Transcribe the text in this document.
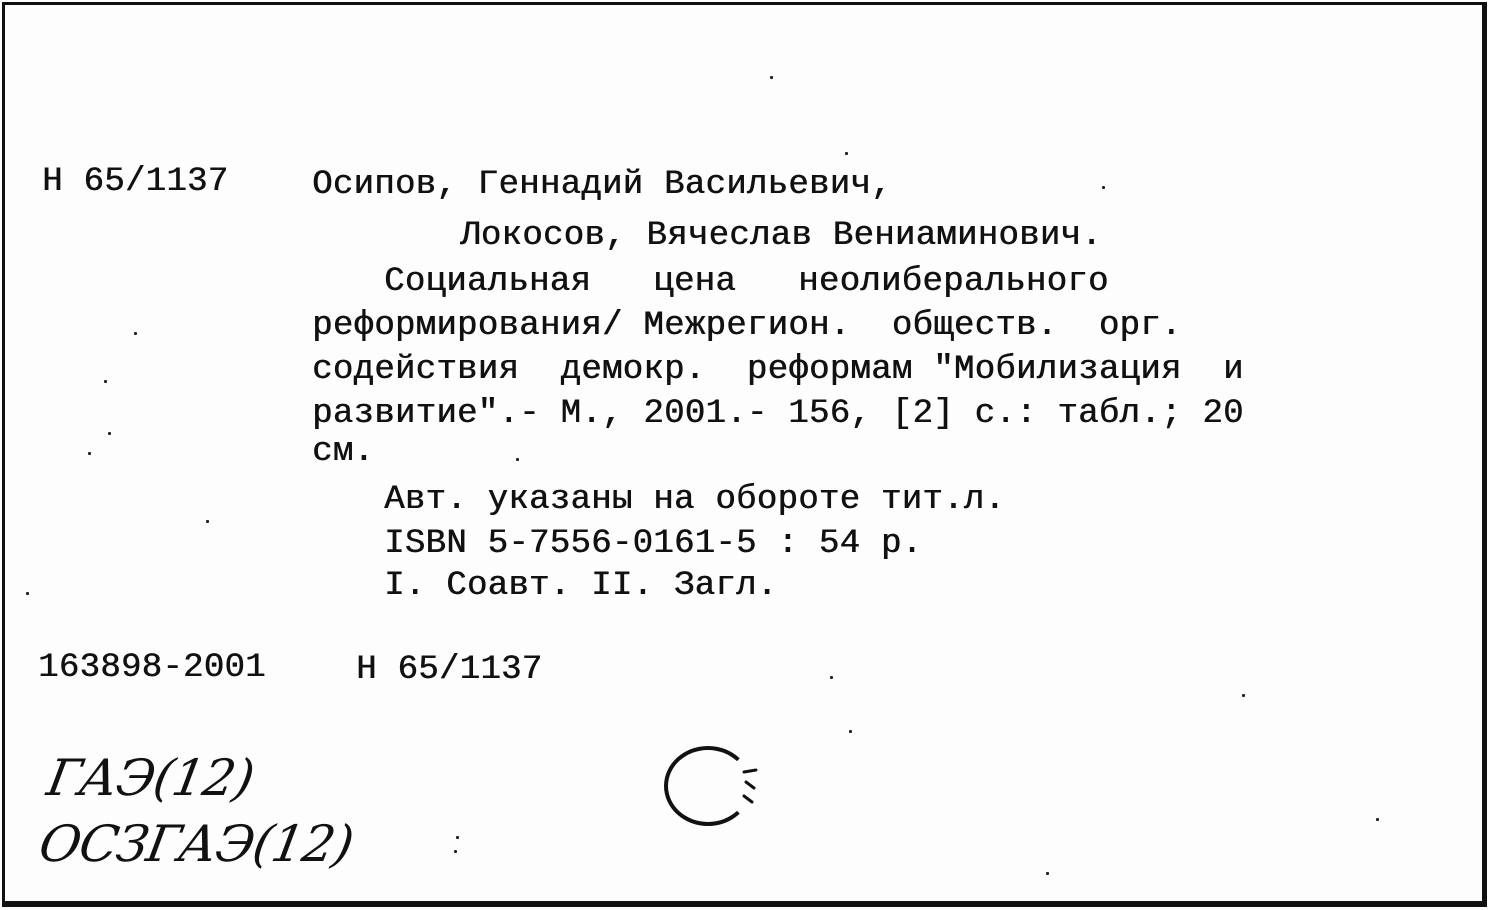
Н 65/1137 Осипов, Геннадий Васильевич,
Локосов, Вячеслав Вениаминович.
Социальная   цена   неолиберального
реформирования/ Межрегион.  обществ.  орг.
содействия  демокр.  реформам "Мобилизация  и
развитие".- М., 2001.- 156, [2] с.: табл.; 20
см.
Авт. указаны на обороте тит.л.
ISBN 5-7556-0161-5 : 54 р.
I. Соавт. II. Загл.
163898-2001	Н 65/1137
ГАЭ(12)
ОСЗГАЭ(12)
